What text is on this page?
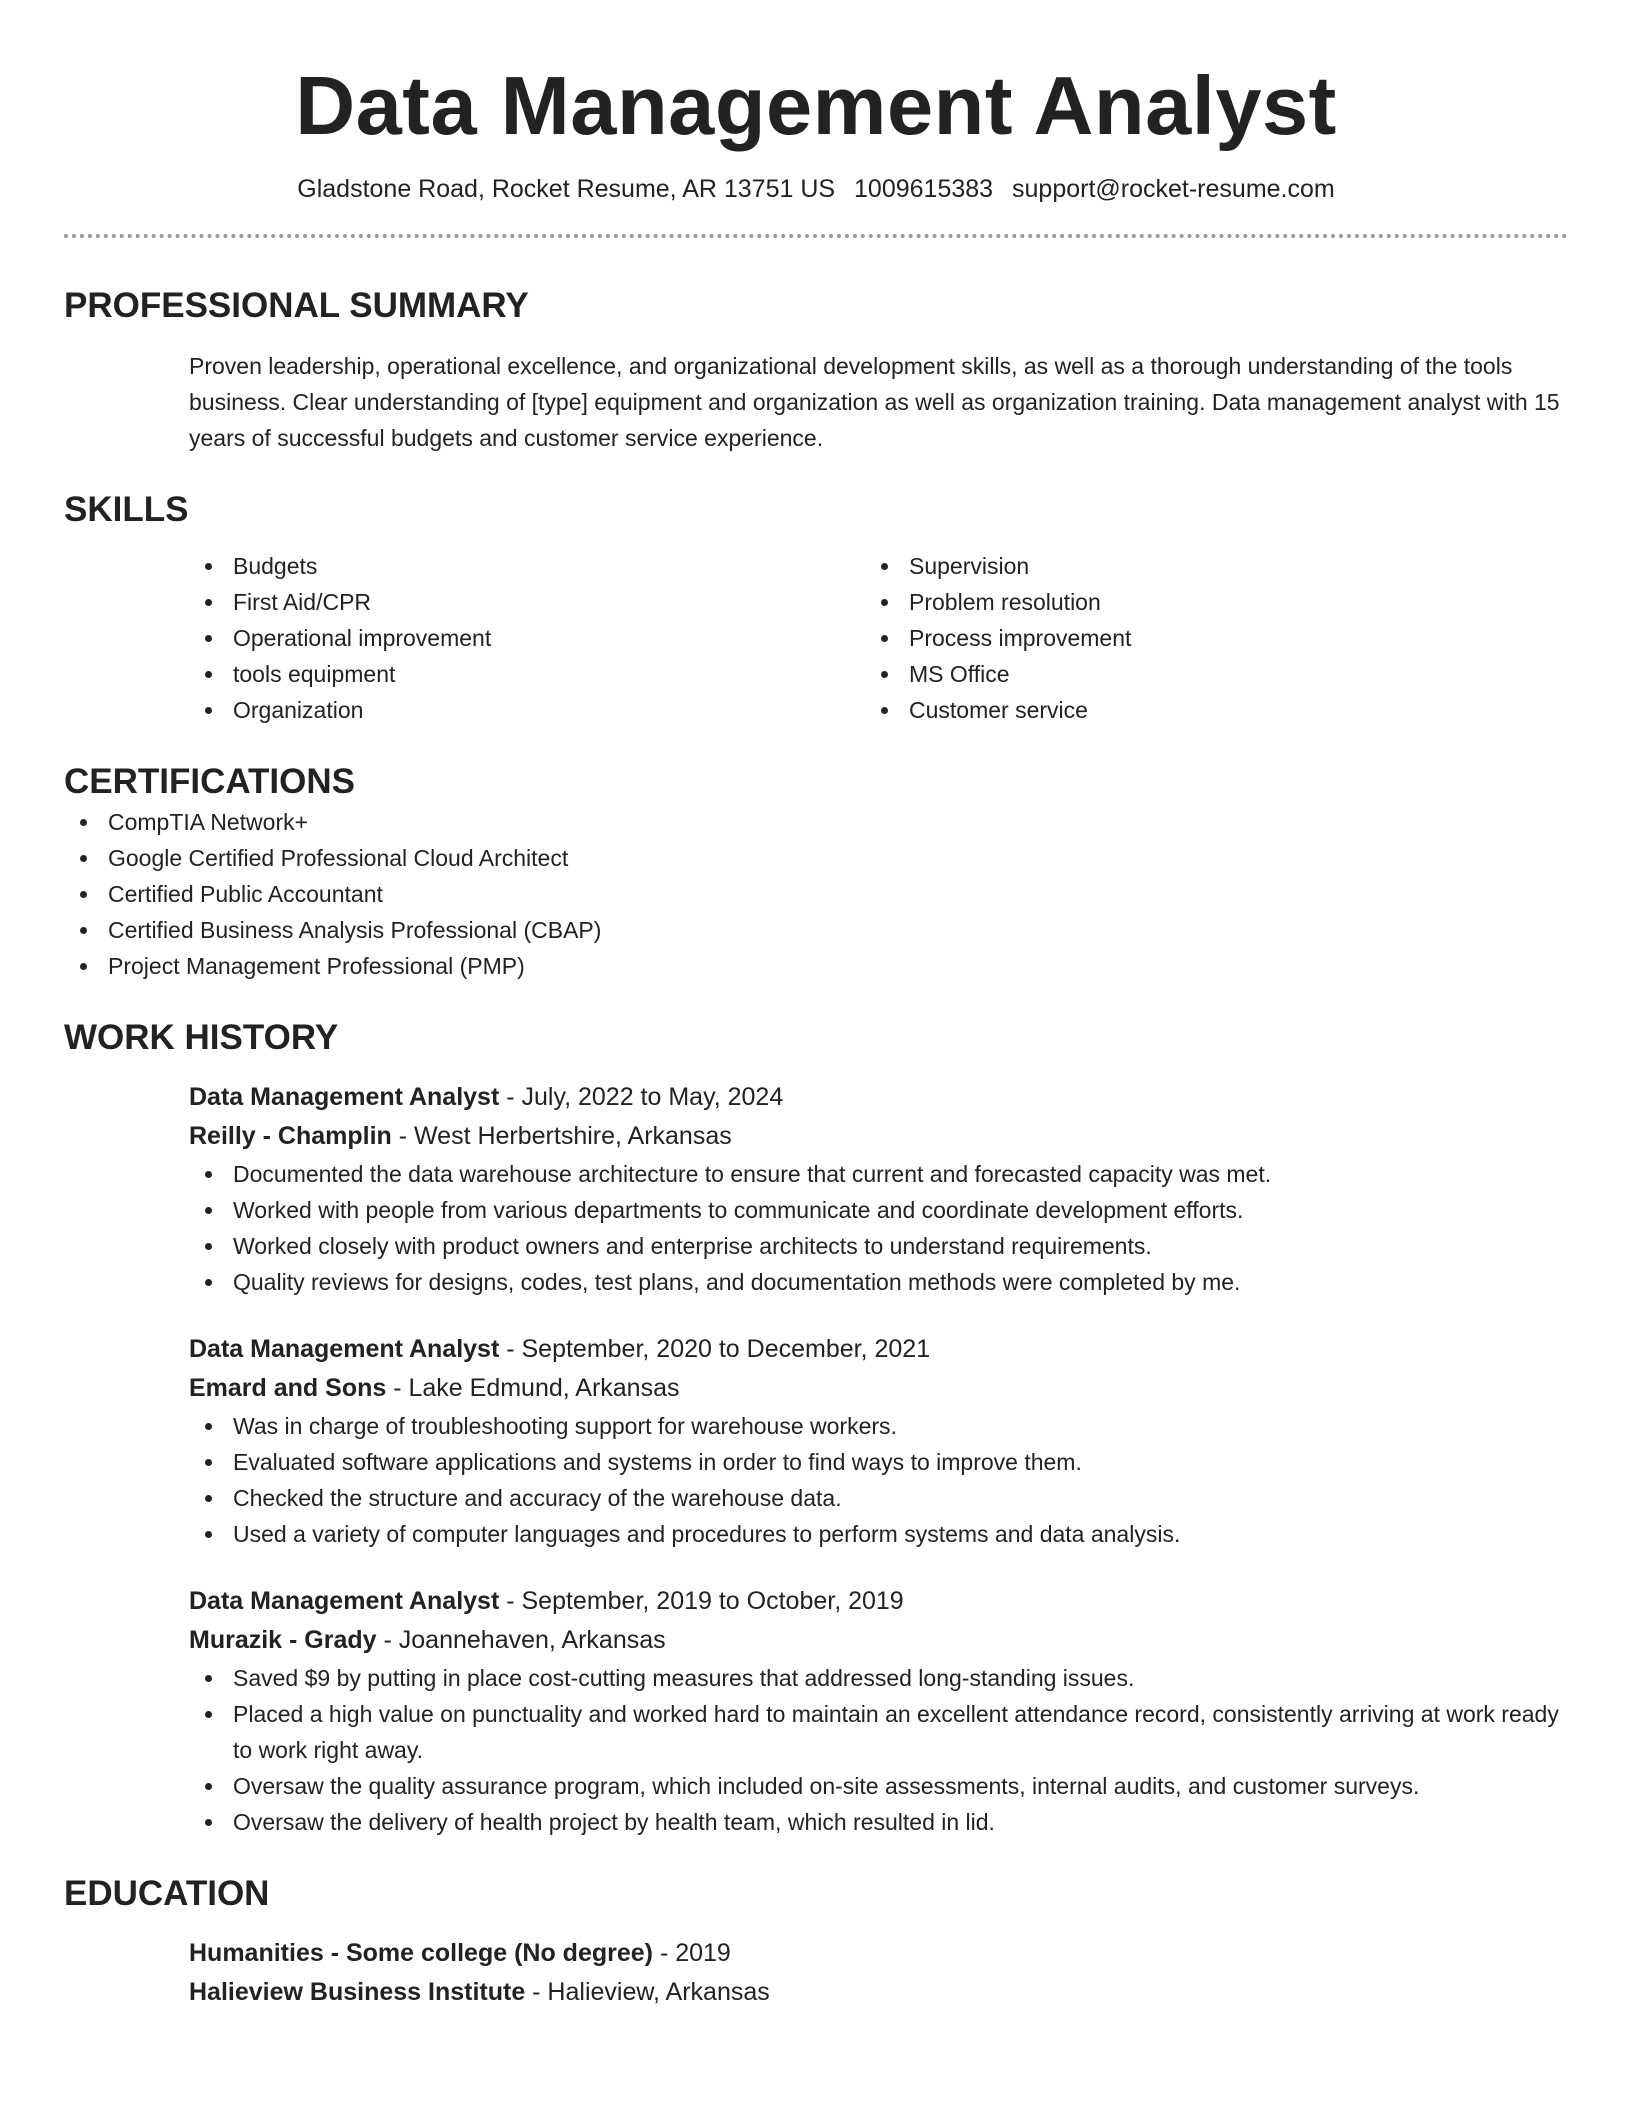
Data Management Analyst
Gladstone Road, Rocket Resume, AR 13751 US 1009615383 support@rocket-resume.com
PROFESSIONAL SUMMARY
Proven leadership, operational excellence, and organizational development skills, as well as a thorough understanding of the tools business. Clear understanding of [type] equipment and organization as well as organization training. Data management analyst with 15 years of successful budgets and customer service experience.
SKILLS
Budgets
First Aid/CPR
Operational improvement
tools equipment
Organization
Supervision
Problem resolution
Process improvement
MS Office
Customer service
CERTIFICATIONS
CompTIA Network+
Google Certified Professional Cloud Architect
Certified Public Accountant
Certified Business Analysis Professional (CBAP)
Project Management Professional (PMP)
WORK HISTORY
Data Management Analyst - July, 2022 to May, 2024
Reilly - Champlin - West Herbertshire, Arkansas
Documented the data warehouse architecture to ensure that current and forecasted capacity was met.
Worked with people from various departments to communicate and coordinate development efforts.
Worked closely with product owners and enterprise architects to understand requirements.
Quality reviews for designs, codes, test plans, and documentation methods were completed by me.
Data Management Analyst - September, 2020 to December, 2021
Emard and Sons - Lake Edmund, Arkansas
Was in charge of troubleshooting support for warehouse workers.
Evaluated software applications and systems in order to find ways to improve them.
Checked the structure and accuracy of the warehouse data.
Used a variety of computer languages and procedures to perform systems and data analysis.
Data Management Analyst - September, 2019 to October, 2019
Murazik - Grady - Joannehaven, Arkansas
Saved $9 by putting in place cost-cutting measures that addressed long-standing issues.
Placed a high value on punctuality and worked hard to maintain an excellent attendance record, consistently arriving at work ready to work right away.
Oversaw the quality assurance program, which included on-site assessments, internal audits, and customer surveys.
Oversaw the delivery of health project by health team, which resulted in lid.
EDUCATION
Humanities - Some college (No degree) - 2019
Halieview Business Institute - Halieview, Arkansas
